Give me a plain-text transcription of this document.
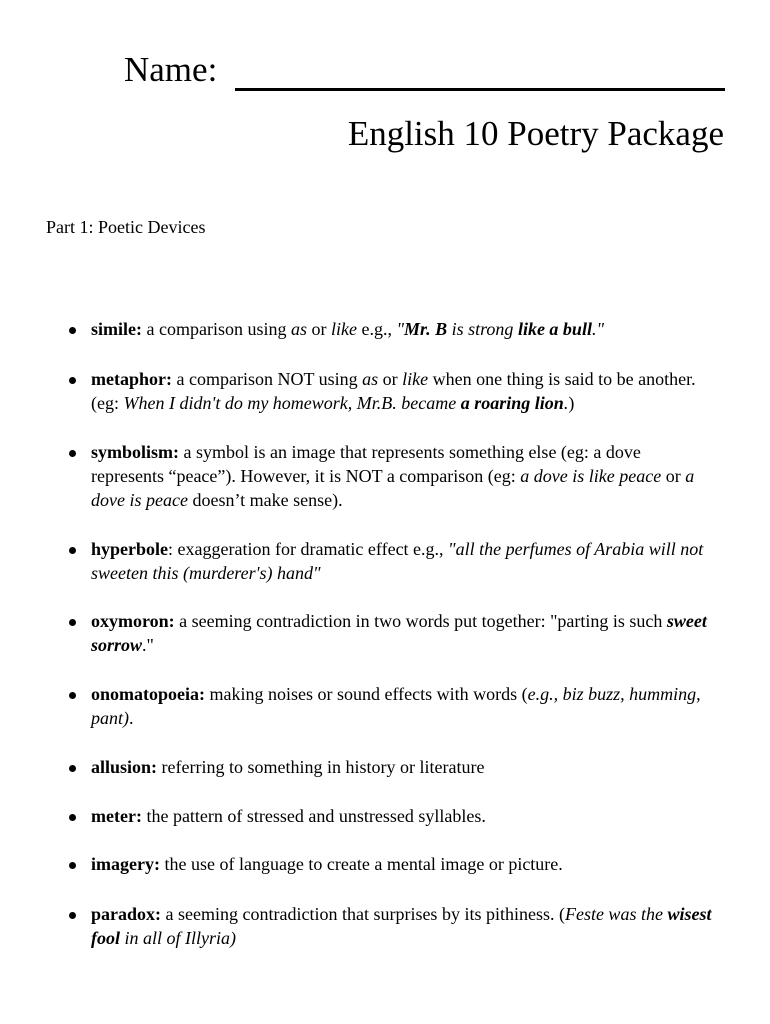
Name:
English 10 Poetry Package
Part 1: Poetic Devices
simile: a comparison using as or like e.g., "Mr. B is strong like a bull."
metaphor: a comparison NOT using as or like when one thing is said to be another. (eg: When I didn't do my homework, Mr.B. became a roaring lion.)
symbolism: a symbol is an image that represents something else (eg: a dove represents “peace”). However, it is NOT a comparison (eg: a dove is like peace or a dove is peace doesn’t make sense).
hyperbole: exaggeration for dramatic effect e.g., "all the perfumes of Arabia will not sweeten this (murderer's) hand"
oxymoron: a seeming contradiction in two words put together: "parting is such sweet sorrow."
onomatopoeia: making noises or sound effects with words (e.g., biz buzz, humming, pant).
allusion: referring to something in history or literature
meter: the pattern of stressed and unstressed syllables.
imagery: the use of language to create a mental image or picture.
paradox: a seeming contradiction that surprises by its pithiness. (Feste was the wisest fool in all of Illyria)
